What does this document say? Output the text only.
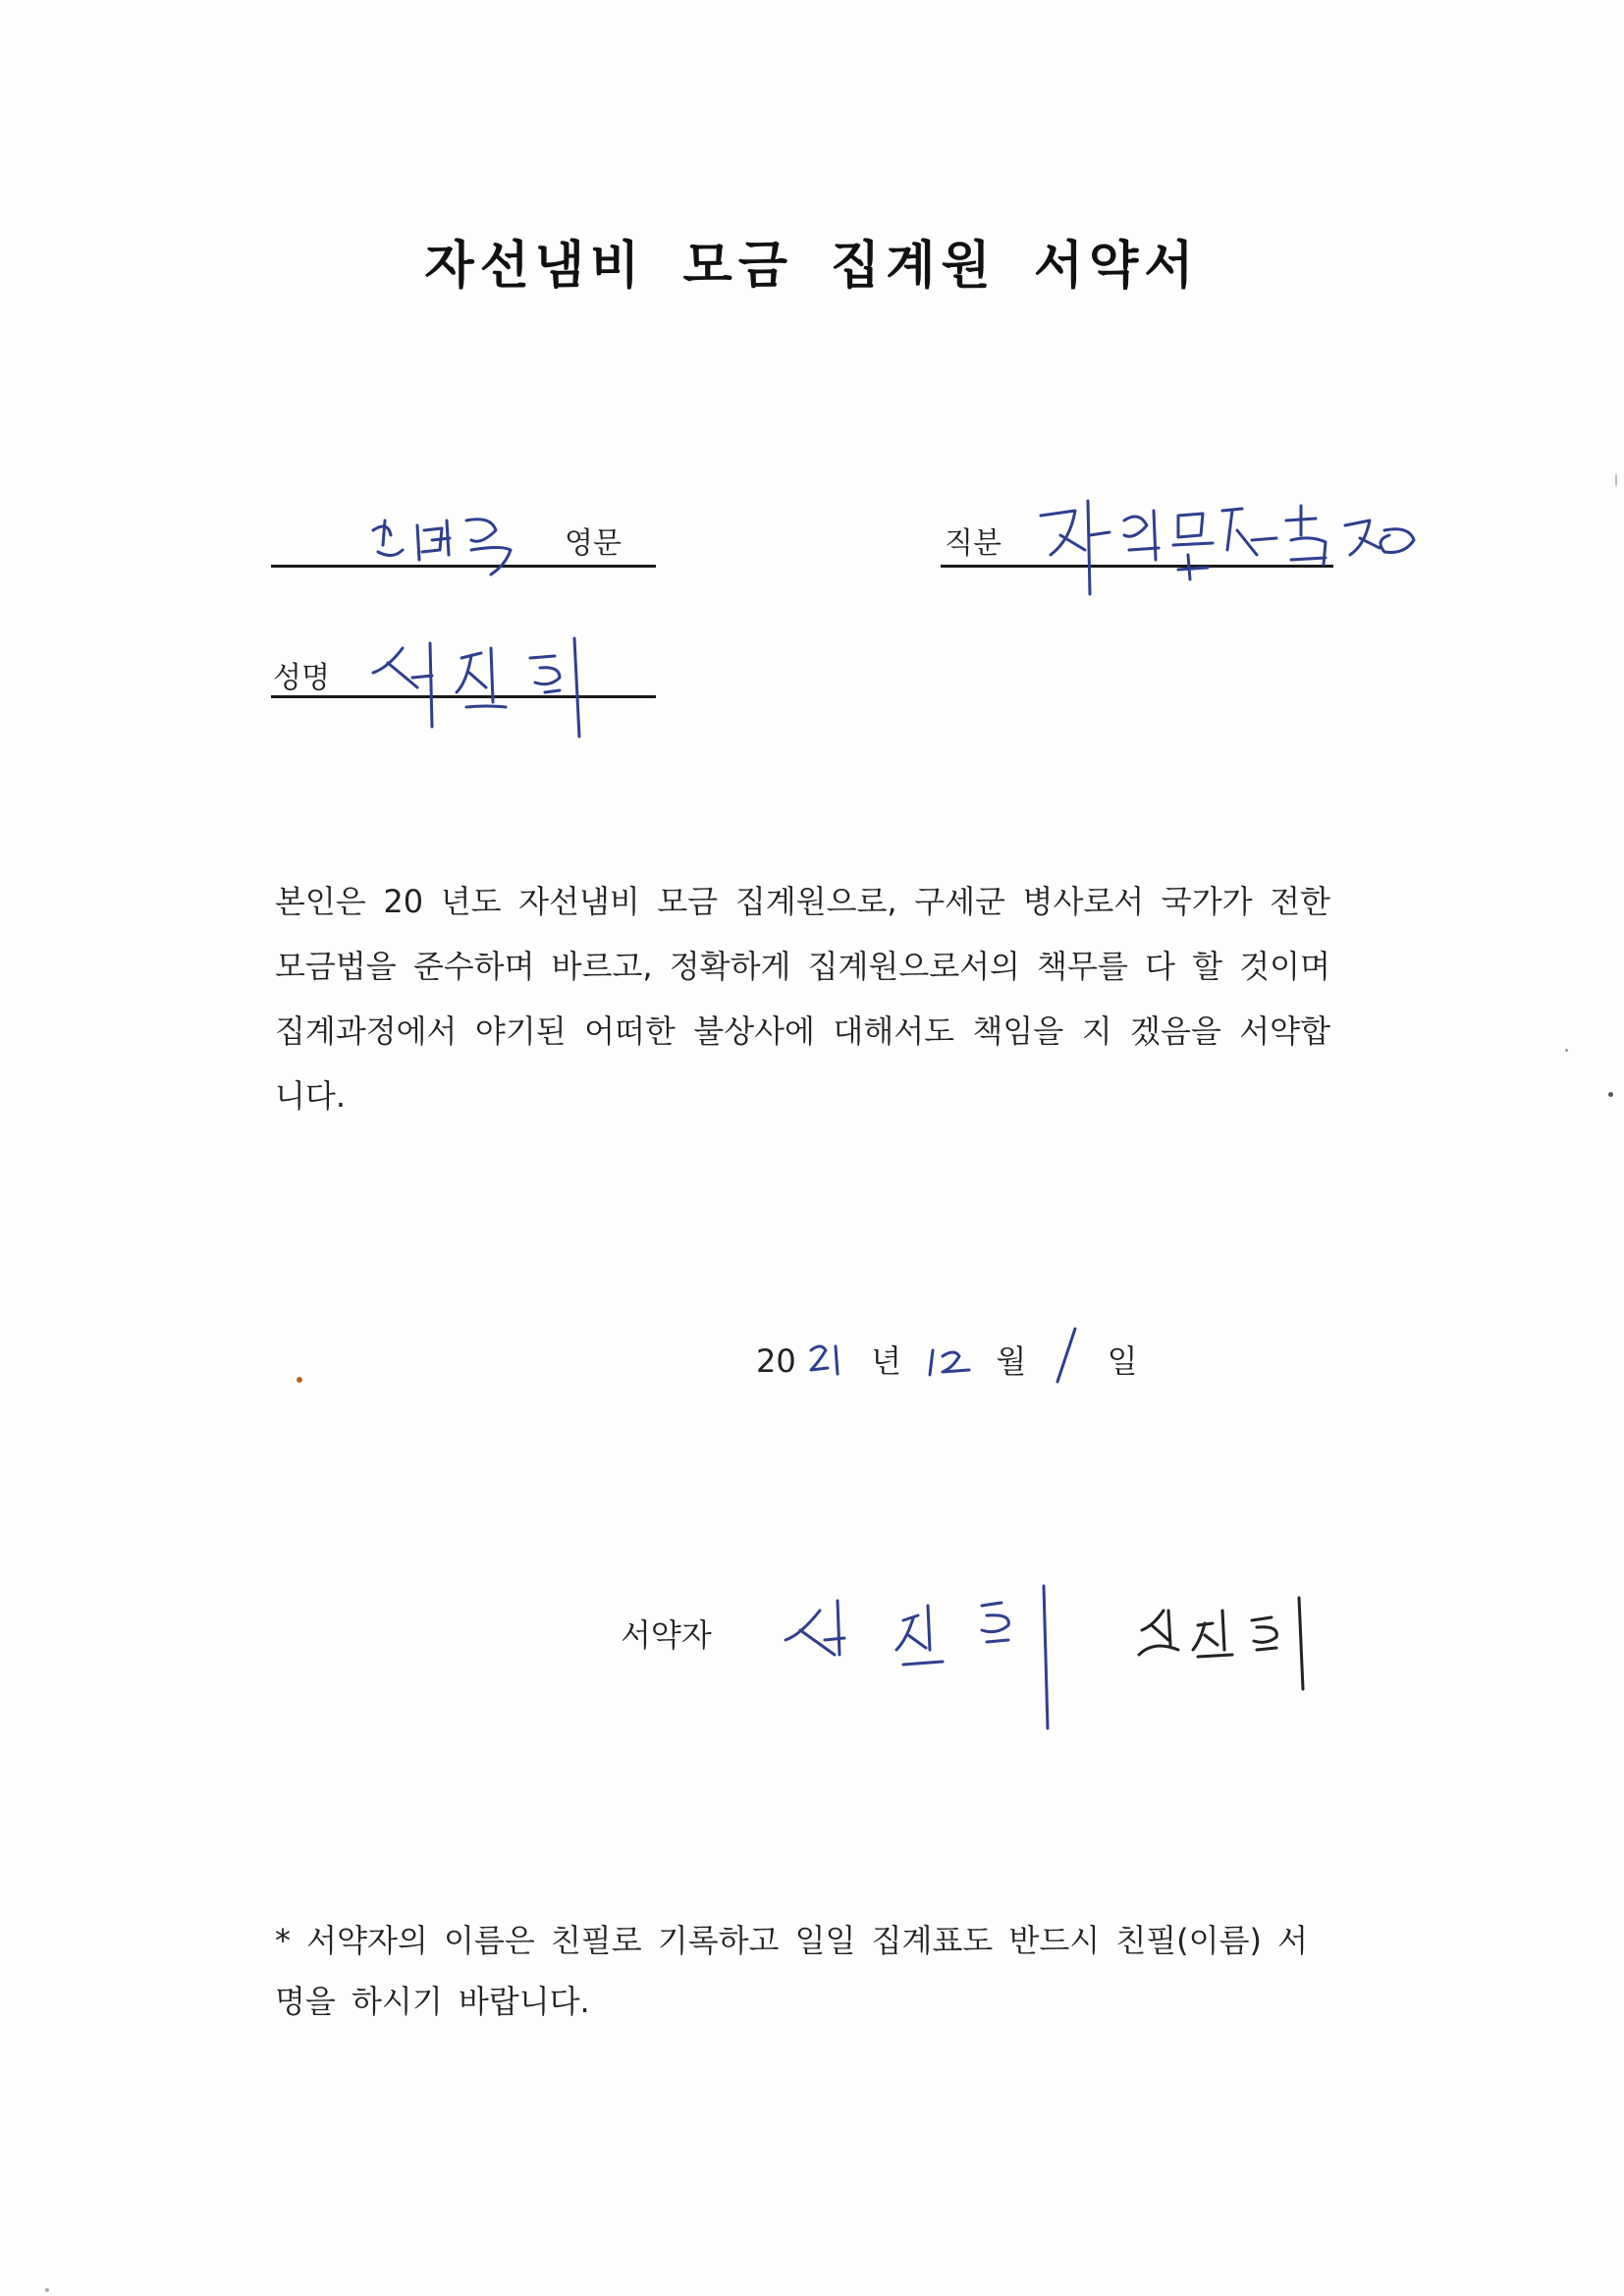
자선냄비 모금 집계원 서약서
영문	직분
성명
본인은 20 년도 자선냄비 모금 집계원으로, 구세군 병사로서 국가가 전한 모금법을 준수하며 바르고, 정확하게 집계원으로서의 책무를 다 할 것이며 집계과정에서 야기된 어떠한 불상사에 대해서도 책임을 지 겠음을 서약합니다.
20 년	월	일
서약자
* 서약자의 이름은 친필로 기록하고 일일 집계표도 반드시 친필(이름) 서명을 하시기 바랍니다.
